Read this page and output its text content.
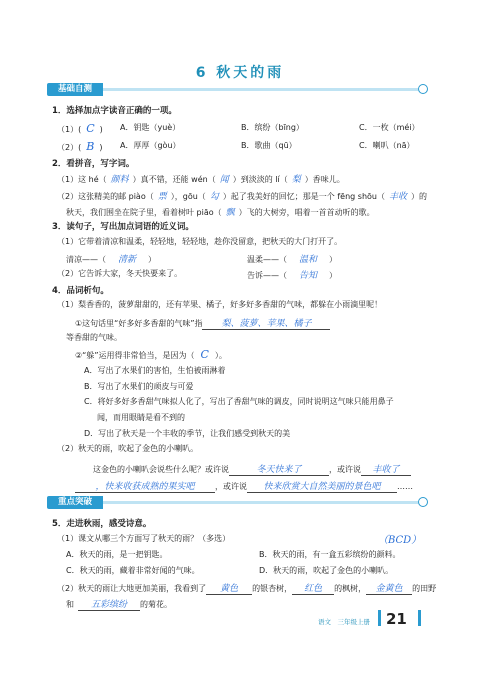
6 秋天的雨
基础自测
1．选择加点字读音正确的一项。
（1）( C ) A．钥匙（yuè）	B．缤纷（bīng）	C．一枚（méi）
（2）( B ) A．厚厚（gòu）	B．歌曲（qū）	C．喇叭（nā）
2．看拼音，写字词。
（1）这 hé（ 颜料 ）真不错，还能 wén（ 闻 ）到淡淡的 lí（ 梨 ）香味儿。
（2）这张精美的邮 piào（ 票 ），gōu（ 勾 ）起了我美好的回忆；那是一个 fēng shōu（ 丰收 ）的
秋天，我们围坐在院子里，看着树叶 piāo（ 飘 ）飞的大树旁，唱着一首首动听的歌。
3．读句子，写出加点词语的近义词。
（1）它带着清凉和温柔，轻轻地，轻轻地，趁你没留意，把秋天的大门打开了。
清凉——（ 清新 ）	温柔——（ 温和 ）
（2）它告诉大家，冬天快要来了。	告诉——（ 告知 ）
4．品词析句。
（1）梨香香的，菠萝甜甜的，还有苹果、橘子，好多好多香甜的气味，都躲在小雨滴里呢！
①这句话里“好多好多香甜的气味”指 梨、菠萝、苹果、橘子
等香甜的气味。
②“躲”运用得非常恰当，是因为（ C ）。
A．写出了水果们的害怕，生怕被雨淋着
B．写出了水果们的顽皮与可爱
C．将好多好多香甜气味拟人化了，写出了香甜气味的调皮，同时说明这气味只能用鼻子
闻，而用眼睛是看不到的
D．写出了秋天是一个丰收的季节，让我们感受到秋天的美
（2）秋天的雨，吹起了金色的小喇叭。
这金色的小喇叭会说些什么呢？或许说	冬天快来了	，或许说 丰收了
，快来收获成熟的果实吧	，或许说 快来欣赏大自然美丽的景色吧 ……
重点突破
5．走进秋雨，感受诗意。
（1）课文从哪三个方面写了秋天的雨？（多选）	（BCD）
A．秋天的雨，是一把钥匙。	B．秋天的雨，有一盒五彩缤纷的颜料。
C．秋天的雨，藏着非常好闻的气味。	D．秋天的雨，吹起了金色的小喇叭。
（2）秋天的雨让大地更加美丽，我看到了 黄色 的银杏树， 红色 的枫树， 金黄色 的田野
和 五彩缤纷 的菊花。
语文　三年级上册 21
